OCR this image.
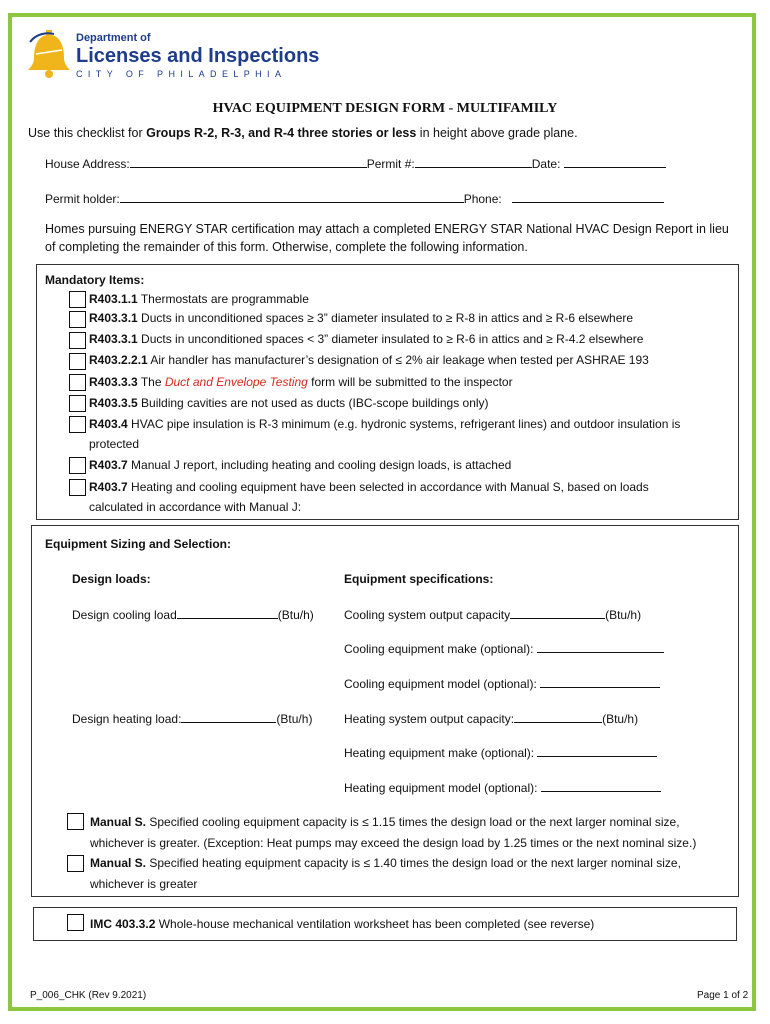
Department of
Licenses and Inspections
CITY OF PHILADELPHIA
HVAC EQUIPMENT DESIGN FORM - MULTIFAMILY
Use this checklist for Groups R-2, R-3, and R-4 three stories or less in height above grade plane.
House Address:	Permit #:	Date:
Permit holder:	Phone:
Homes pursuing ENERGY STAR certification may attach a completed ENERGY STAR National HVAC Design Report in lieu
of completing the remainder of this form. Otherwise, complete the following information.
Mandatory Items:
R403.1.1 Thermostats are programmable
R403.3.1 Ducts in unconditioned spaces ≥ 3” diameter insulated to ≥ R-8 in attics and ≥ R-6 elsewhere
R403.3.1 Ducts in unconditioned spaces < 3” diameter insulated to ≥ R-6 in attics and ≥ R-4.2 elsewhere
R403.2.2.1 Air handler has manufacturer’s designation of ≤ 2% air leakage when tested per ASHRAE 193
R403.3.3 The Duct and Envelope Testing form will be submitted to the inspector
R403.3.5 Building cavities are not used as ducts (IBC-scope buildings only)
R403.4 HVAC pipe insulation is R-3 minimum (e.g. hydronic systems, refrigerant lines) and outdoor insulation is
protected
R403.7 Manual J report, including heating and cooling design loads, is attached
R403.7 Heating and cooling equipment have been selected in accordance with Manual S, based on loads
calculated in accordance with Manual J:
Equipment Sizing and Selection:
Design loads:	Equipment specifications:
Design cooling load	(Btu/h)	Cooling system output capacity	(Btu/h)
Cooling equipment make (optional):
Cooling equipment model (optional):
Design heating load:	(Btu/h)	Heating system output capacity:	(Btu/h)
Heating equipment make (optional):
Heating equipment model (optional):
Manual S. Specified cooling equipment capacity is ≤ 1.15 times the design load or the next larger nominal size,
whichever is greater. (Exception: Heat pumps may exceed the design load by 1.25 times or the next nominal size.)
Manual S. Specified heating equipment capacity is ≤ 1.40 times the design load or the next larger nominal size,
whichever is greater
IMC 403.3.2 Whole-house mechanical ventilation worksheet has been completed (see reverse)
P_006_CHK (Rev 9.2021)	Page 1 of 2
